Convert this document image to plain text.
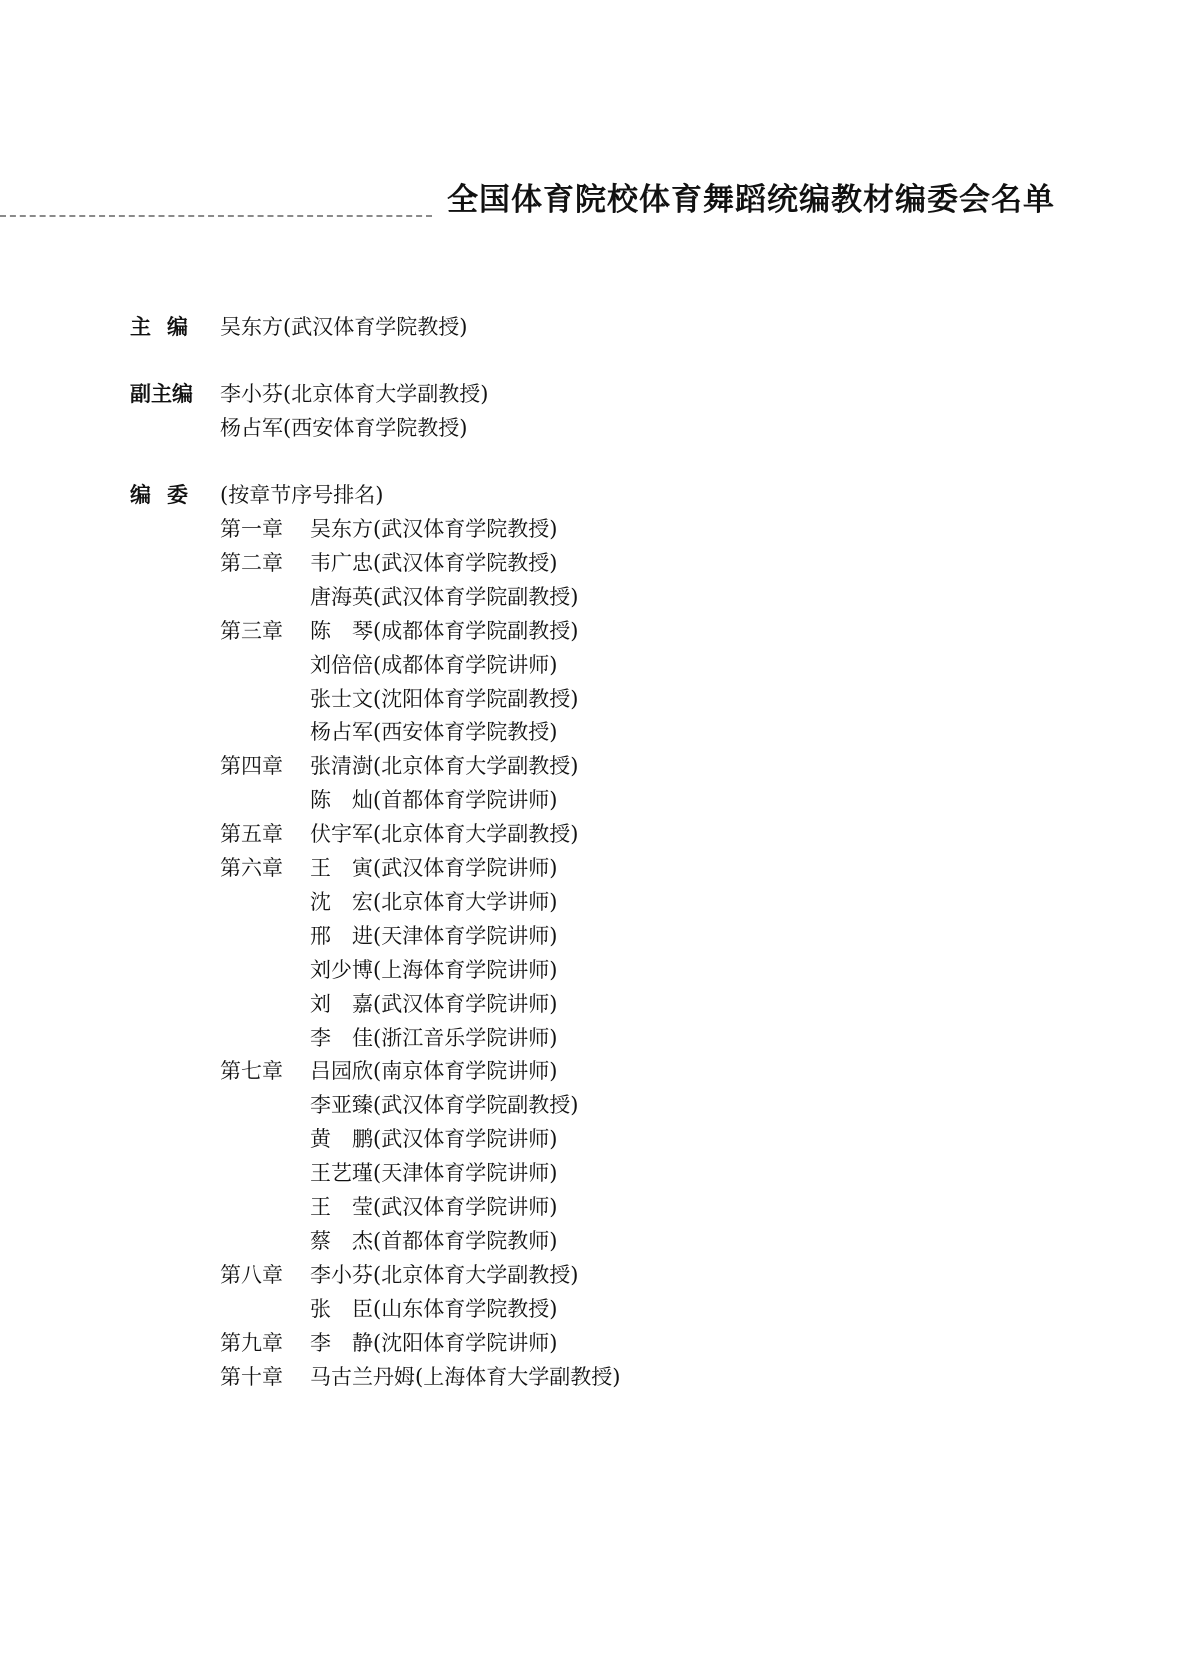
全国体育院校体育舞蹈统编教材编委会名单
主编 吴东方(武汉体育学院教授)
副主编 李小芬(北京体育大学副教授)
杨占军(西安体育学院教授)
编委 (按章节序号排名)
第一章 吴东方(武汉体育学院教授)
第二章 韦广忠(武汉体育学院教授)
唐海英(武汉体育学院副教授)
第三章 陈　琴(成都体育学院副教授)
刘倍倍(成都体育学院讲师)
张士文(沈阳体育学院副教授)
杨占军(西安体育学院教授)
第四章 张清澍(北京体育大学副教授)
陈　灿(首都体育学院讲师)
第五章 伏宇军(北京体育大学副教授)
第六章 王　寅(武汉体育学院讲师)
沈　宏(北京体育大学讲师)
邢　进(天津体育学院讲师)
刘少博(上海体育学院讲师)
刘　嘉(武汉体育学院讲师)
李　佳(浙江音乐学院讲师)
第七章 吕园欣(南京体育学院讲师)
李亚臻(武汉体育学院副教授)
黄　鹏(武汉体育学院讲师)
王艺瑾(天津体育学院讲师)
王　莹(武汉体育学院讲师)
蔡　杰(首都体育学院教师)
第八章 李小芬(北京体育大学副教授)
张　臣(山东体育学院教授)
第九章 李　静(沈阳体育学院讲师)
第十章 马古兰丹姆(上海体育大学副教授)
